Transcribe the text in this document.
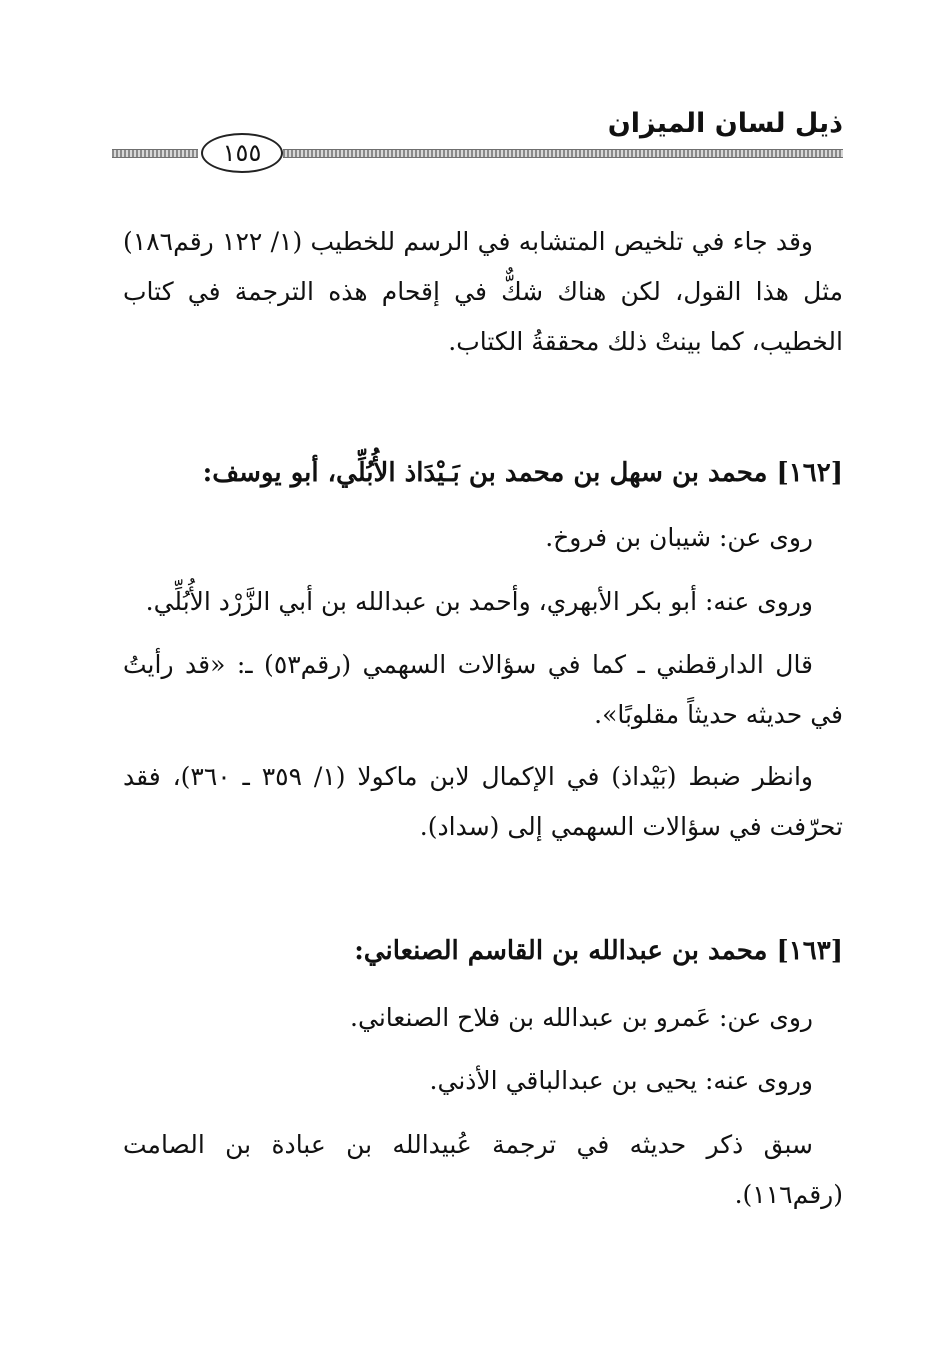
ذيل لسان الميزان
١٥٥

وقد جاء في تلخيص المتشابه في الرسم للخطيب (١/ ١٢٢ رقم١٨٦) مثل هذا القول، لكن هناك شكٌّ في إقحام هذه الترجمة في كتاب الخطيب، كما بينتْ ذلك محققةُ الكتاب.

[١٦٢] محمد بن سهل بن محمد بن بَـيْدَاذ الأُبُلِّي، أبو يوسف:

روى عن: شيبان بن فروخ.

وروى عنه: أبو بكر الأبهري، وأحمد بن عبدالله بن أبي الزَّرْد الأُبُلِّي.

قال الدارقطني ـ كما في سؤالات السهمي (رقم٥٣) ـ: «قد رأيتُ في حديثه حديثاً مقلوبًا».

وانظر ضبط (بَيْداذ) في الإكمال لابن ماكولا (١/ ٣٥٩ ـ ٣٦٠)، فقد تحرّفت في سؤالات السهمي إلى (سداد).

[١٦٣] محمد بن عبدالله بن القاسم الصنعاني:

روى عن: عَمرو بن عبدالله بن فلاح الصنعاني.

وروى عنه: يحيى بن عبدالباقي الأذني.

سبق ذكر حديثه في ترجمة عُبيدالله بن عبادة بن الصامت (رقم١١٦).
